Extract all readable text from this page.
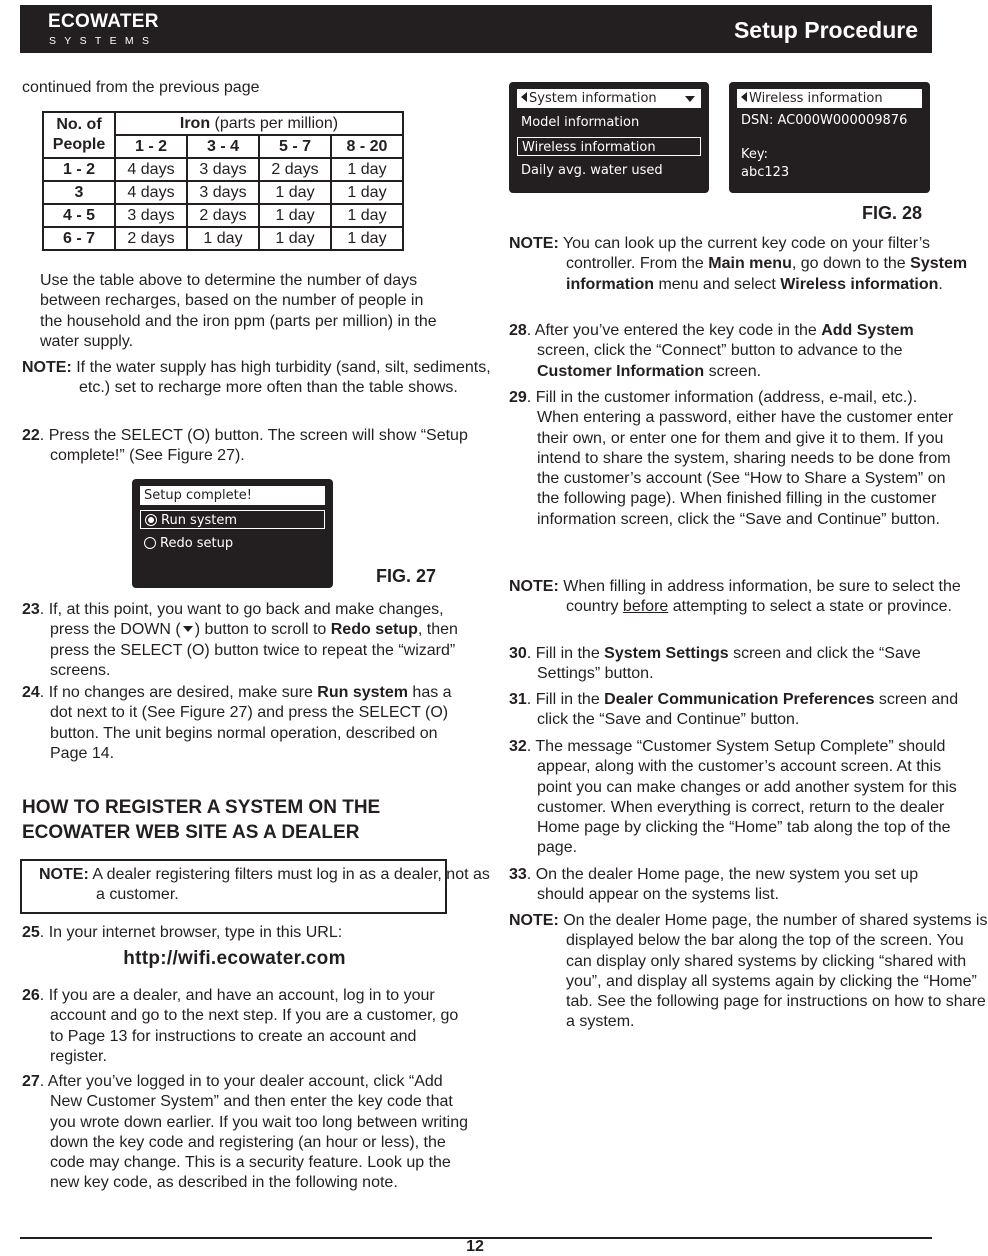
ECOWATER
SYSTEMS	Setup Procedure
continued from the previous page
No. of
People	Iron (parts per million)			
	1 - 2	3 - 4	5 - 7	8 - 20
1 - 2	4 days	3 days	2 days	1 day
3	4 days	3 days	1 day	1 day
4 - 5	3 days	2 days	1 day	1 day
6 - 7	2 days	1 day	1 day	1 day
Use the table above to determine the number of days between recharges, based on the number of people in the household and the iron ppm (parts per million) in the water supply.
NOTE: If the water supply has high turbidity (sand, silt, sediments, etc.) set to recharge more often than the table shows.
22. Press the SELECT (O) button. The screen will show “Setup complete!” (See Figure 27).
Setup complete!
Run system
Redo setup
FIG. 27
23. If, at this point, you want to go back and make changes, press the DOWN ( ) button to scroll to Redo setup, then press the SELECT (O) button twice to repeat the “wizard” screens.
24. If no changes are desired, make sure Run system has a dot next to it (See Figure 27) and press the SELECT (O) button. The unit begins normal operation, described on Page 14.
HOW TO REGISTER A SYSTEM ON THE ECOWATER WEB SITE AS A DEALER
NOTE: A dealer registering filters must log in as a dealer, not as a customer.
25. In your internet browser, type in this URL:
http://wifi.ecowater.com
26. If you are a dealer, and have an account, log in to your account and go to the next step. If you are a customer, go to Page 13 for instructions to create an account and register.
27. After you’ve logged in to your dealer account, click “Add New Customer System” and then enter the key code that you wrote down earlier. If you wait too long between writing down the key code and registering (an hour or less), the code may change. This is a security feature. Look up the new key code, as described in the following note.
System information
Model information
Wireless information
Daily avg. water used
Wireless information
DSN: AC000W000009876
Key:
abc123
FIG. 28
NOTE: You can look up the current key code on your filter’s controller. From the Main menu, go down to the System information menu and select Wireless information.
28. After you’ve entered the key code in the Add System screen, click the “Connect” button to advance to the Customer Information screen.
29. Fill in the customer information (address, e-mail, etc.). When entering a password, either have the customer enter their own, or enter one for them and give it to them. If you intend to share the system, sharing needs to be done from the customer’s account (See “How to Share a System” on the following page). When finished filling in the customer information screen, click the “Save and Continue” button.
NOTE: When filling in address information, be sure to select the country before attempting to select a state or province.
30. Fill in the System Settings screen and click the “Save Settings” button.
31. Fill in the Dealer Communication Preferences screen and click the “Save and Continue” button.
32. The message “Customer System Setup Complete” should appear, along with the customer’s account screen. At this point you can make changes or add another system for this customer. When everything is correct, return to the dealer Home page by clicking the “Home” tab along the top of the page.
33. On the dealer Home page, the new system you set up should appear on the systems list.
NOTE: On the dealer Home page, the number of shared systems is displayed below the bar along the top of the screen. You can display only shared systems by clicking “shared with you”, and display all systems again by clicking the “Home” tab. See the following page for instructions on how to share a system.
12
